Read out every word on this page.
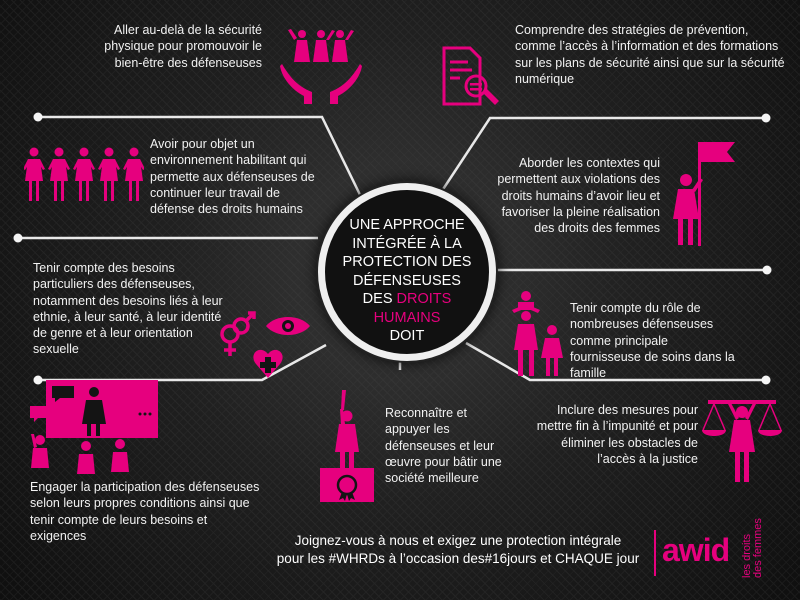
UNE APPROCHE
INTÉGRÉE À LA
PROTECTION DES
DÉFENSEUSES
DES DROITS
HUMAINS
DOIT
Aller au-delà de la sécurité physique pour promouvoir le bien-être des défenseuses
Comprendre des stratégies de prévention, comme l’accès à l’information et des formations sur les plans de sécurité ainsi que sur la sécurité numérique
Avoir pour objet un environnement habilitant qui permette aux défenseuses de continuer leur travail de défense des droits humains
Aborder les contextes qui permettent aux violations des droits humains d’avoir lieu et favoriser la pleine réalisation des droits des femmes
Tenir compte des besoins particuliers des défenseuses, notamment des besoins liés à leur ethnie, à leur santé, à leur identité de genre et à leur orientation sexuelle
Tenir compte du rôle de nombreuses défenseuses comme principale fournisseuse de soins dans la famille
Reconnaître et appuyer les défenseuses et leur œuvre pour bâtir une société meilleure
Inclure des mesures pour mettre fin à l’impunité et pour éliminer les obstacles de l’accès à la justice
Engager la participation des défenseuses selon leurs propres conditions ainsi que tenir compte de leurs besoins et exigences	Joignez-vous à nous et exigez une protection intégrale
pour les #WHRDs à l’occasion des#16jours et CHAQUE jour awid les droits des femmes
